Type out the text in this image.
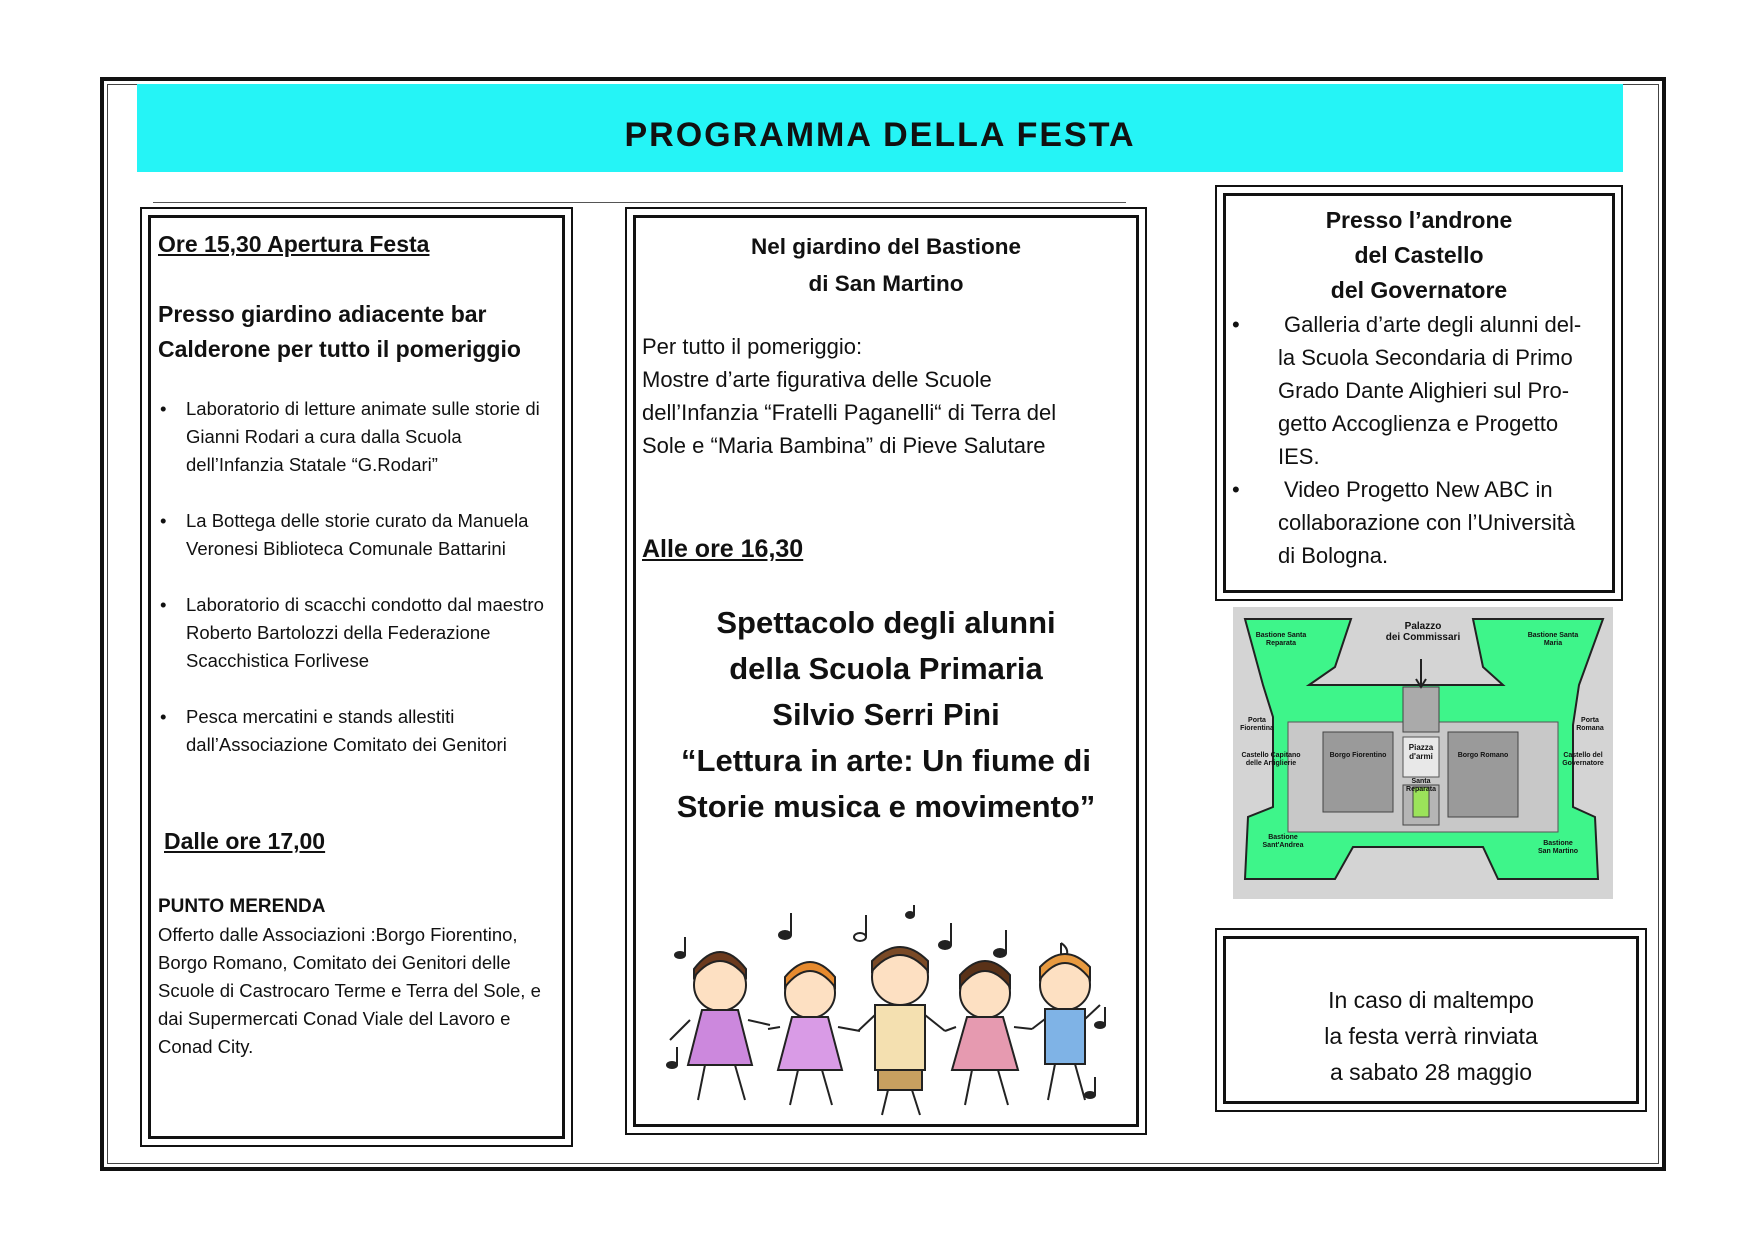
PROGRAMMA DELLA FESTA
Ore 15,30 Apertura Festa
Presso giardino adiacente bar Calderone per tutto il pomeriggio
• Laboratorio di letture animate sulle storie di Gianni Rodari a cura dalla Scuola dell’Infanzia Statale “G.Rodari”
• La Bottega delle storie curato da Manuela Veronesi Biblioteca Comunale Battarini
• Laboratorio di scacchi condotto dal maestro Roberto Bartolozzi della Federazione Scacchistica Forlivese
• Pesca mercatini e stands allestiti dall’Associazione Comitato dei Genitori
Dalle ore 17,00
PUNTO MERENDA
Offerto dalle Associazioni :Borgo Fiorentino, Borgo Romano, Comitato dei Genitori delle Scuole di Castrocaro Terme e Terra del Sole, e dai Supermercati Conad Viale del Lavoro e Conad City.
Nel giardino del Bastione
di San Martino
Per tutto il pomeriggio:
Mostre d’arte figurativa delle Scuole
dell’Infanzia “Fratelli Paganelli“ di Terra del
Sole e “Maria Bambina” di Pieve Salutare
Alle ore 16,30
Spettacolo degli alunni
della Scuola Primaria
Silvio Serri Pini
“Lettura in arte: Un fiume di
Storie musica e movimento”
Presso l’androne
del Castello
del Governatore
• Galleria d’arte degli alunni del-
la Scuola Secondaria di Primo
Grado Dante Alighieri sul Pro-
getto Accoglienza e Progetto
IES.
• Video Progetto New ABC in
collaborazione con l’Università
di Bologna.
Palazzo
dei Commissari
Bastione Santa
Reparata
Bastione Santa
Maria
Porta
Fiorentina
Porta
Romana
Piazza
d'armi
Castello Capitano
delle Artiglierie
Borgo Fiorentino
Santa
Reparata
Borgo Romano	Castello del
Governatore
Bastione
Sant'Andrea	Bastione
San Martino
In caso di maltempo
la festa verrà rinviata
a sabato 28 maggio
